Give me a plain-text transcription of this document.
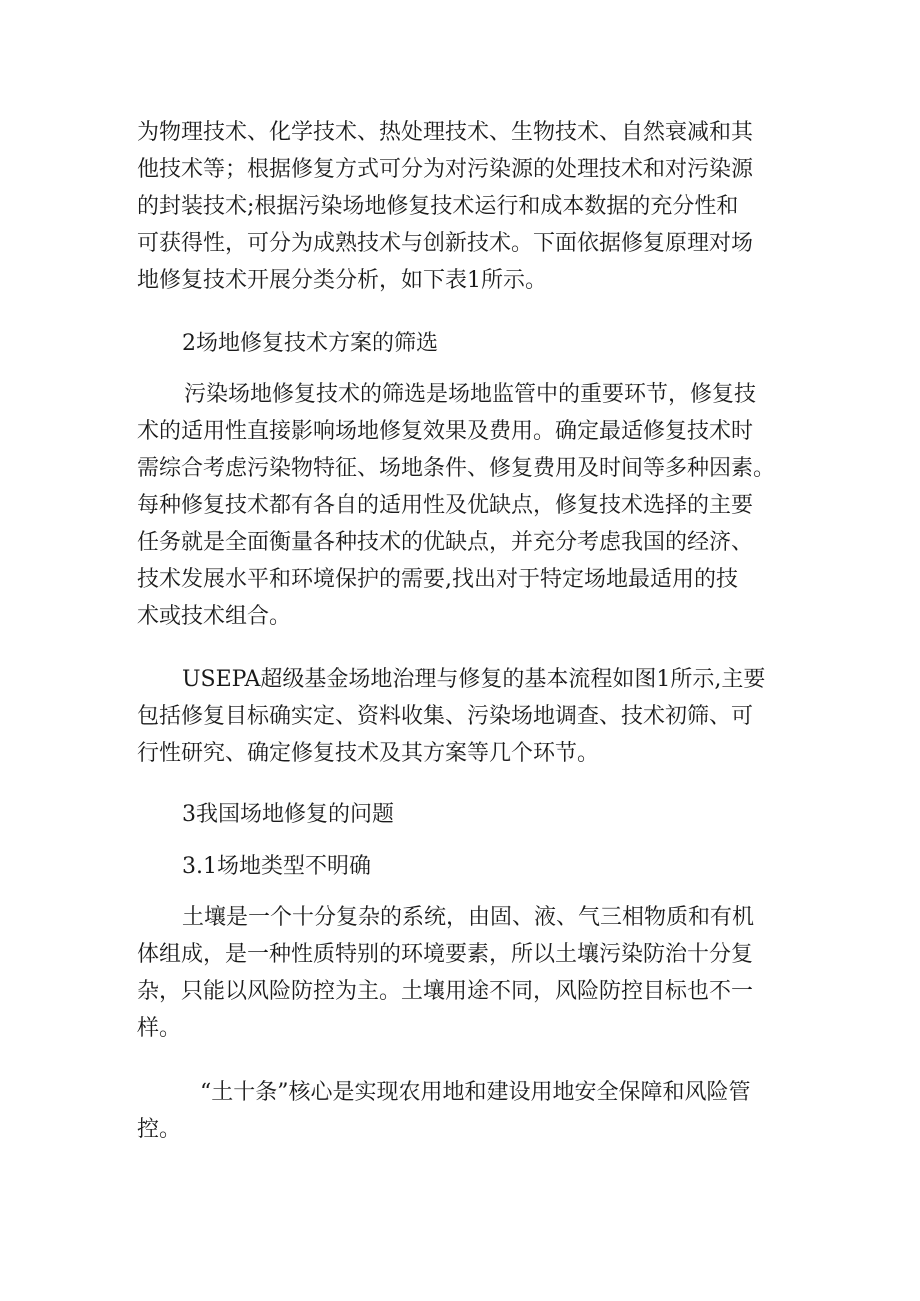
为物理技术、化学技术、热处理技术、生物技术、自然衰减和其
他技术等；根据修复方式可分为对污染源的处理技术和对污染源
的封装技术;根据污染场地修复技术运行和成本数据的充分性和
可获得性，可分为成熟技术与创新技术。下面依据修复原理对场
地修复技术开展分类分析，如下表1所示。
2场地修复技术方案的筛选
污染场地修复技术的筛选是场地监管中的重要环节，修复技
术的适用性直接影响场地修复效果及费用。确定最适修复技术时
需综合考虑污染物特征、场地条件、修复费用及时间等多种因素。
每种修复技术都有各自的适用性及优缺点，修复技术选择的主要
任务就是全面衡量各种技术的优缺点，并充分考虑我国的经济、
技术发展水平和环境保护的需要,找出对于特定场地最适用的技
术或技术组合。
USEPA超级基金场地治理与修复的基本流程如图1所示,主要
包括修复目标确实定、资料收集、污染场地调查、技术初筛、可
行性研究、确定修复技术及其方案等几个环节。
3我国场地修复的问题
3.1场地类型不明确
土壤是一个十分复杂的系统，由固、液、气三相物质和有机
体组成，是一种性质特别的环境要素，所以土壤污染防治十分复
杂，只能以风险防控为主。土壤用途不同，风险防控目标也不一
样。
“土十条”核心是实现农用地和建设用地安全保障和风险管
控。
